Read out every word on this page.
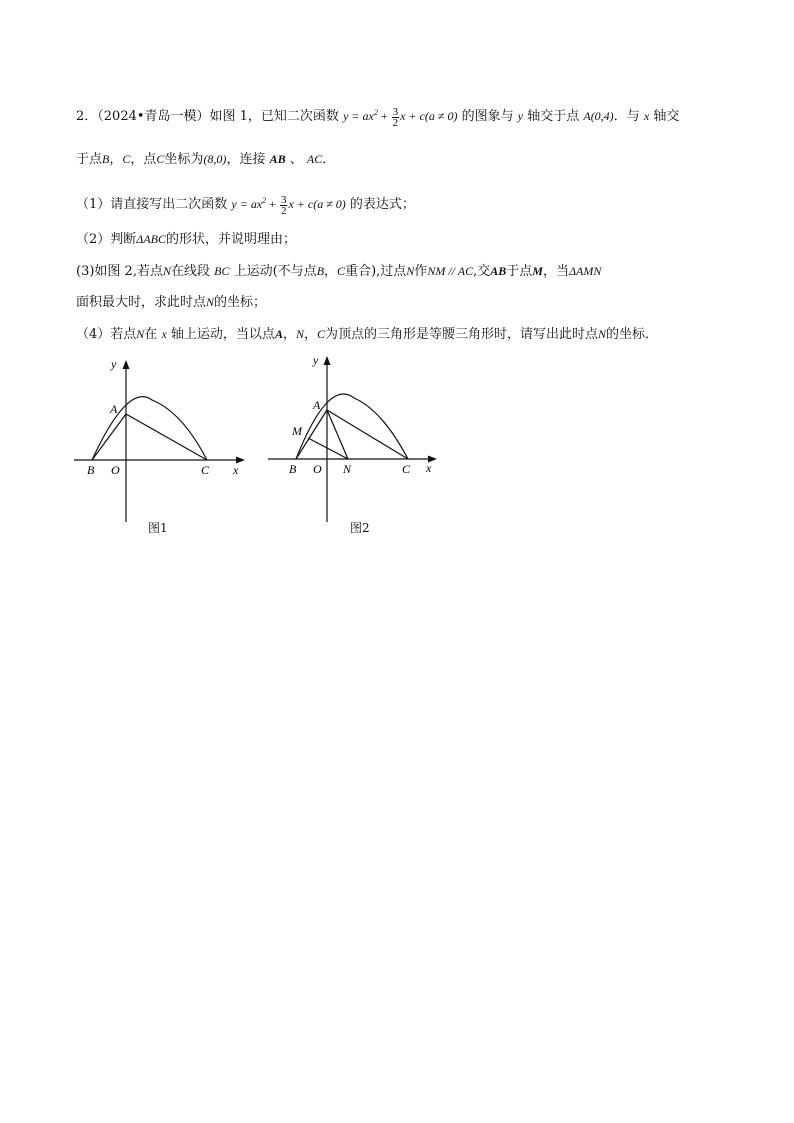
2．（2024•青岛一模）如图 1，已知二次函数 $y = ax^2 + \frac{3}{2}$ x + c(a ≠ 0) 的图象与 y 轴交于点 A(0,4)．与 x 轴交
于点B，C，点C坐标为(8,0)，连接 AB 、 AC．
（1）请直接写出二次函数 $y = ax^2 + \frac{3}{2}$ x + c(a ≠ 0) 的表达式；
（2）判断ΔABC的形状，并说明理由；
(3)如图 2,若点N在线段 BC 上运动(不与点B，C重合),过点N作NM // AC,交AB于点M，当ΔAMN
面积最大时，求此时点N的坐标；
（4）若点N在 x 轴上运动，当以点A，N，C为顶点的三角形是等腰三角形时，请写出此时点N的坐标．
y
x
A
B O	C
图1
y
x
A
M
B O N	C
图2
